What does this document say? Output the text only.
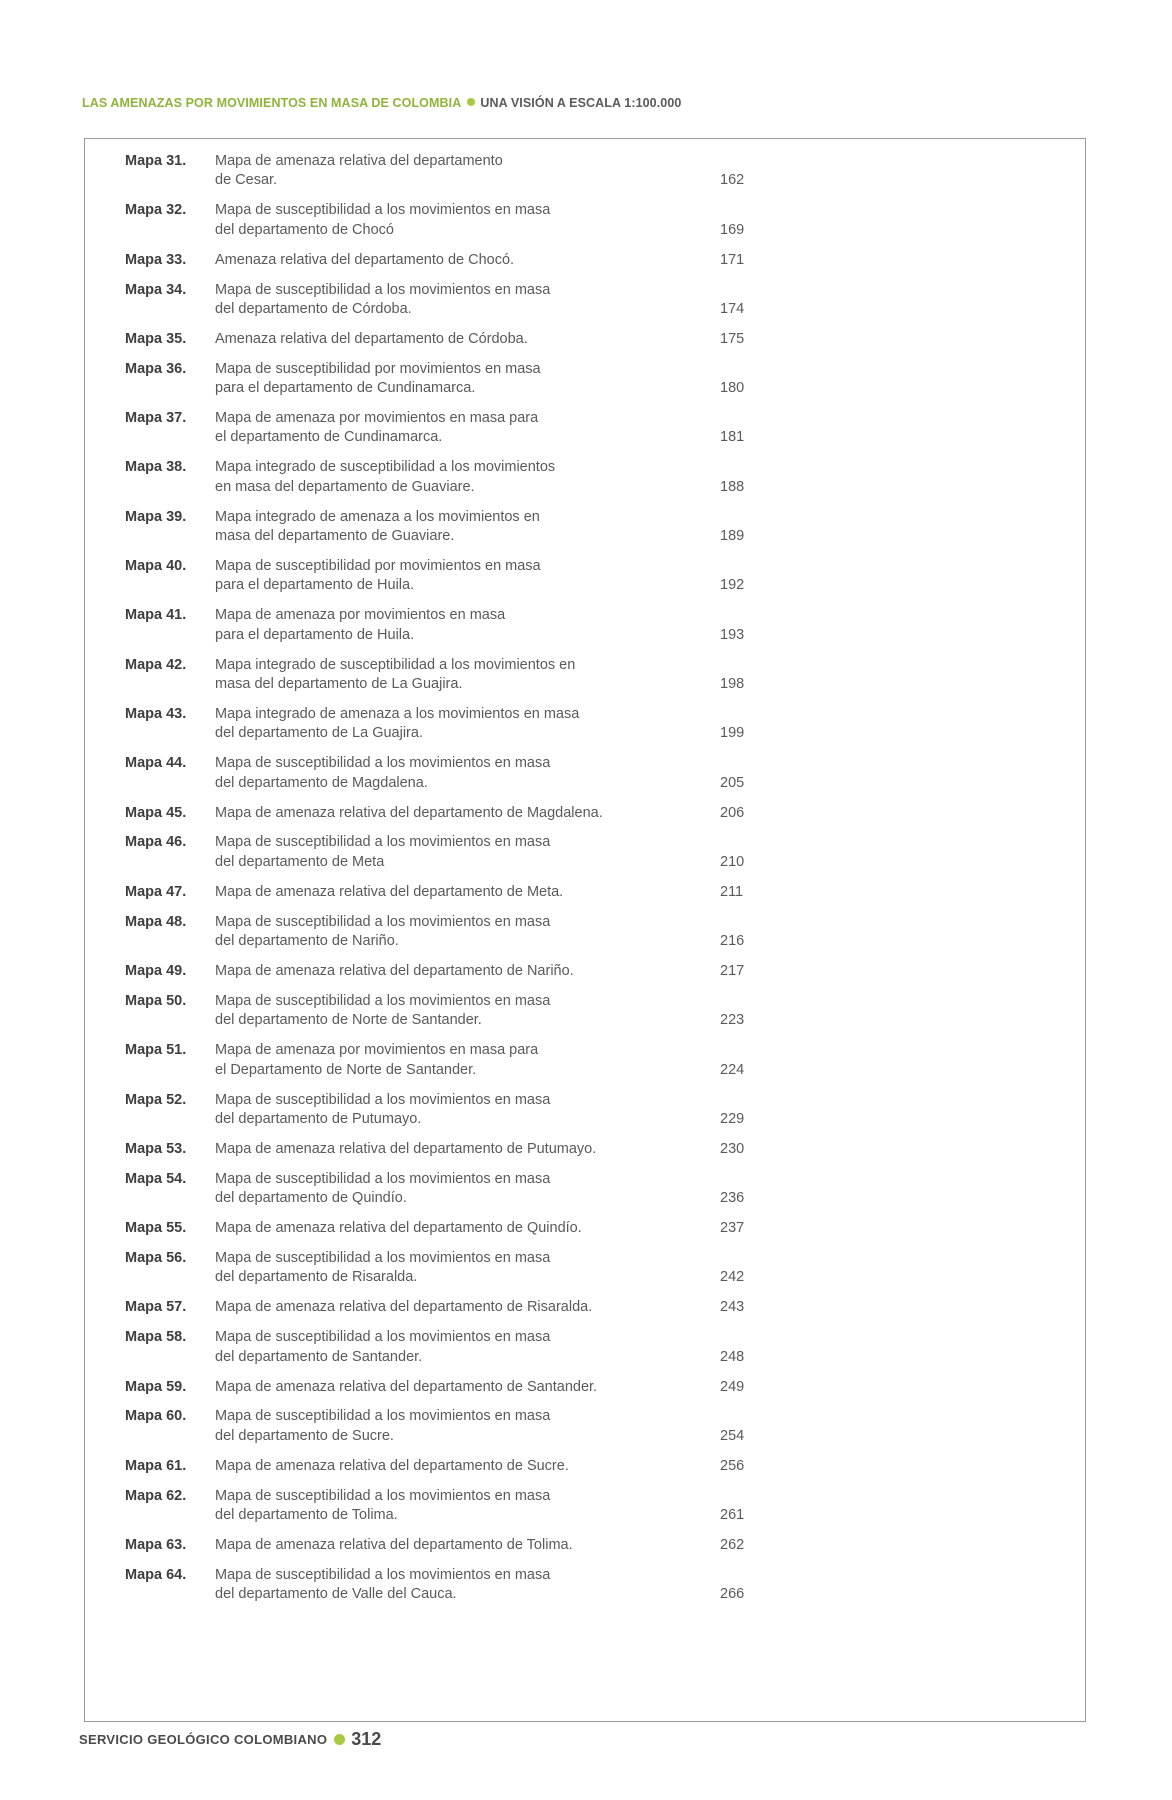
LAS AMENAZAS POR MOVIMIENTOS EN MASA DE COLOMBIA UNA VISIÓN A ESCALA 1:100.000
Mapa 31. Mapa de amenaza relativa del departamento
de Cesar.	162
Mapa 32. Mapa de susceptibilidad a los movimientos en masa
del departamento de Chocó	169
Mapa 33. Amenaza relativa del departamento de Chocó.	171
Mapa 34. Mapa de susceptibilidad a los movimientos en masa
del departamento de Córdoba.	174
Mapa 35. Amenaza relativa del departamento de Córdoba.	175
Mapa 36. Mapa de susceptibilidad por movimientos en masa
para el departamento de Cundinamarca.	180
Mapa 37. Mapa de amenaza por movimientos en masa para
el departamento de Cundinamarca.	181
Mapa 38. Mapa integrado de susceptibilidad a los movimientos
en masa del departamento de Guaviare.	188
Mapa 39. Mapa integrado de amenaza a los movimientos en
masa del departamento de Guaviare.	189
Mapa 40. Mapa de susceptibilidad por movimientos en masa
para el departamento de Huila.	192
Mapa 41. Mapa de amenaza por movimientos en masa
para el departamento de Huila.	193
Mapa 42. Mapa integrado de susceptibilidad a los movimientos en
masa del departamento de La Guajira.	198
Mapa 43. Mapa integrado de amenaza a los movimientos en masa
del departamento de La Guajira.	199
Mapa 44. Mapa de susceptibilidad a los movimientos en masa
del departamento de Magdalena.	205
Mapa 45. Mapa de amenaza relativa del departamento de Magdalena.	206
Mapa 46. Mapa de susceptibilidad a los movimientos en masa
del departamento de Meta	210
Mapa 47. Mapa de amenaza relativa del departamento de Meta.	211
Mapa 48. Mapa de susceptibilidad a los movimientos en masa
del departamento de Nariño.	216
Mapa 49. Mapa de amenaza relativa del departamento de Nariño.	217
Mapa 50. Mapa de susceptibilidad a los movimientos en masa
del departamento de Norte de Santander.	223
Mapa 51. Mapa de amenaza por movimientos en masa para
el Departamento de Norte de Santander.	224
Mapa 52. Mapa de susceptibilidad a los movimientos en masa
del departamento de Putumayo.	229
Mapa 53. Mapa de amenaza relativa del departamento de Putumayo.	230
Mapa 54. Mapa de susceptibilidad a los movimientos en masa
del departamento de Quindío.	236
Mapa 55. Mapa de amenaza relativa del departamento de Quindío.	237
Mapa 56. Mapa de susceptibilidad a los movimientos en masa
del departamento de Risaralda.	242
Mapa 57. Mapa de amenaza relativa del departamento de Risaralda.	243
Mapa 58. Mapa de susceptibilidad a los movimientos en masa
del departamento de Santander.	248
Mapa 59. Mapa de amenaza relativa del departamento de Santander.	249
Mapa 60. Mapa de susceptibilidad a los movimientos en masa
del departamento de Sucre.	254
Mapa 61. Mapa de amenaza relativa del departamento de Sucre.	256
Mapa 62. Mapa de susceptibilidad a los movimientos en masa
del departamento de Tolima.	261
Mapa 63. Mapa de amenaza relativa del departamento de Tolima.	262
Mapa 64. Mapa de susceptibilidad a los movimientos en masa
del departamento de Valle del Cauca.	266
SERVICIO GEOLÓGICO COLOMBIANO 312
